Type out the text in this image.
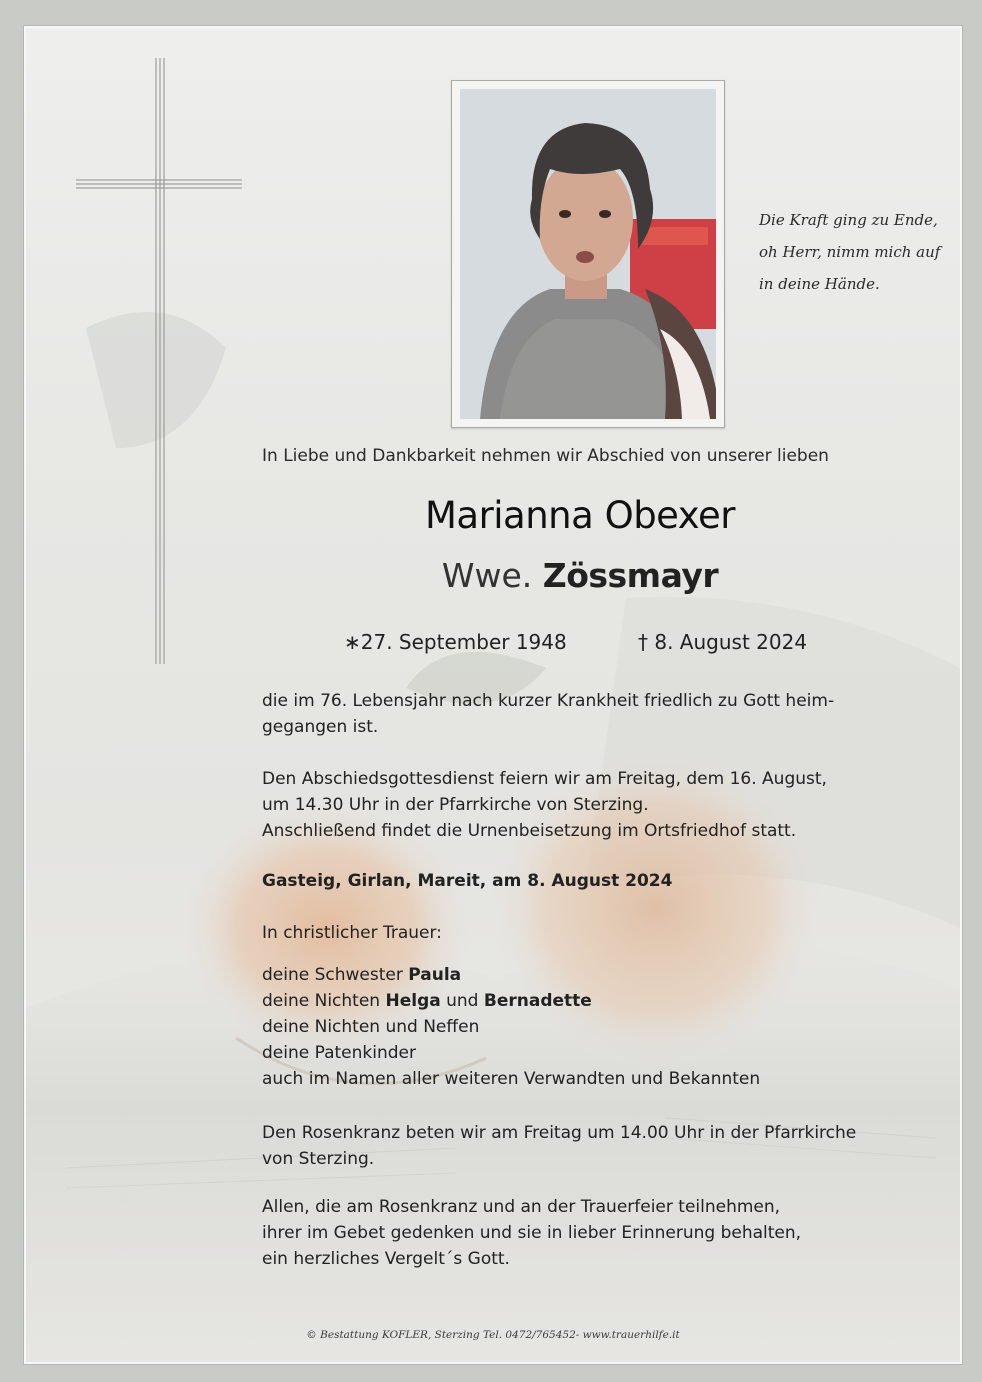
Die Kraft ging zu Ende,
oh Herr, nimm mich auf
in deine Hände.
In Liebe und Dankbarkeit nehmen wir Abschied von unserer lieben
Marianna Obexer
Wwe. Zössmayr
∗27. September 1948	† 8. August 2024
die im 76. Lebensjahr nach kurzer Krankheit friedlich zu Gott heim-
gegangen ist.
Den Abschiedsgottesdienst feiern wir am Freitag, dem 16. August,
um 14.30 Uhr in der Pfarrkirche von Sterzing.
Anschließend findet die Urnenbeisetzung im Ortsfriedhof statt.
Gasteig, Girlan, Mareit, am 8. August 2024
In christlicher Trauer:
deine Schwester Paula
deine Nichten Helga und Bernadette
deine Nichten und Neffen
deine Patenkinder
auch im Namen aller weiteren Verwandten und Bekannten
Den Rosenkranz beten wir am Freitag um 14.00 Uhr in der Pfarrkirche
von Sterzing.
Allen, die am Rosenkranz und an der Trauerfeier teilnehmen,
ihrer im Gebet gedenken und sie in lieber Erinnerung behalten,
ein herzliches Vergelt´s Gott.
© Bestattung KOFLER, Sterzing Tel. 0472/765452- www.trauerhilfe.it
